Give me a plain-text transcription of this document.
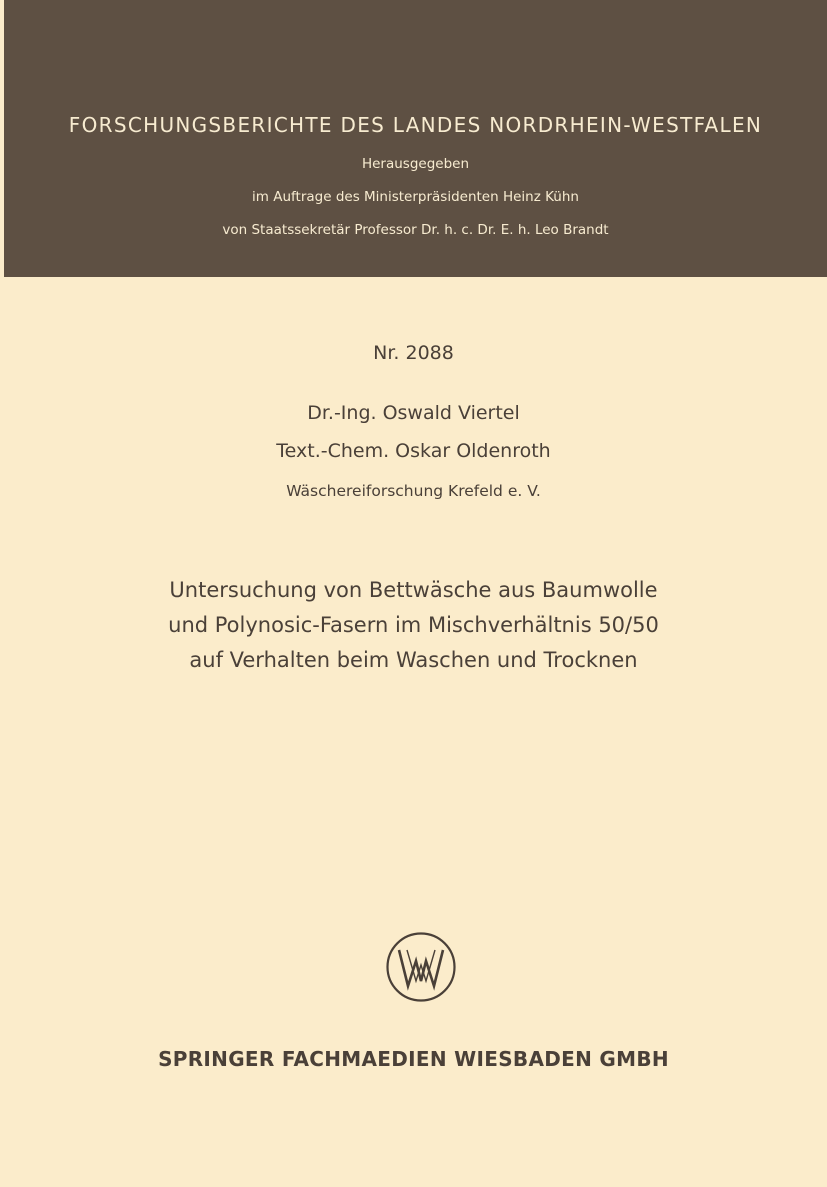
FORSCHUNGSBERICHTE DES LANDES NORDRHEIN-WESTFALEN
Herausgegeben
im Auftrage des Ministerpräsidenten Heinz Kühn
von Staatssekretär Professor Dr. h. c. Dr. E. h. Leo Brandt
Nr. 2088
Dr.-Ing. Oswald Viertel
Text.-Chem. Oskar Oldenroth
Wäschereiforschung Krefeld e. V.
Untersuchung von Bettwäsche aus Baumwolle
und Polynosic-Fasern im Mischverhältnis 50/50
auf Verhalten beim Waschen und Trocknen
SPRINGER FACHMAEDIEN WIESBADEN GMBH
